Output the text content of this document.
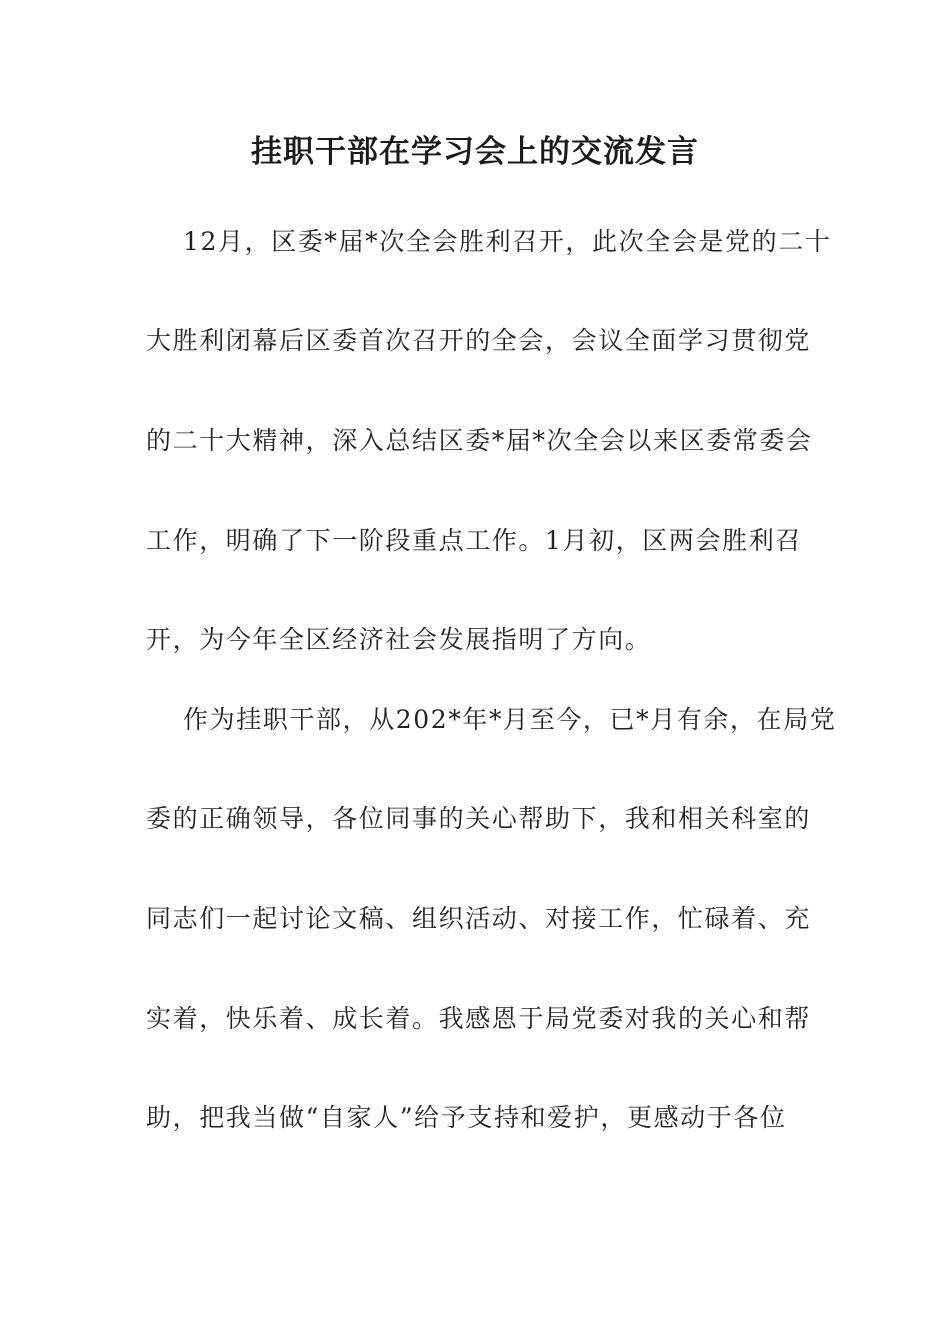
挂职干部在学习会上的交流发言
12月，区委*届*次全会胜利召开，此次全会是党的二十
大胜利闭幕后区委首次召开的全会，会议全面学习贯彻党
的二十大精神，深入总结区委*届*次全会以来区委常委会
工作，明确了下一阶段重点工作。1月初，区两会胜利召
开，为今年全区经济社会发展指明了方向。
作为挂职干部，从202*年*月至今，已*月有余，在局党
委的正确领导，各位同事的关心帮助下，我和相关科室的
同志们一起讨论文稿、组织活动、对接工作，忙碌着、充
实着，快乐着、成长着。我感恩于局党委对我的关心和帮
助，把我当做“自家人”给予支持和爱护，更感动于各位
